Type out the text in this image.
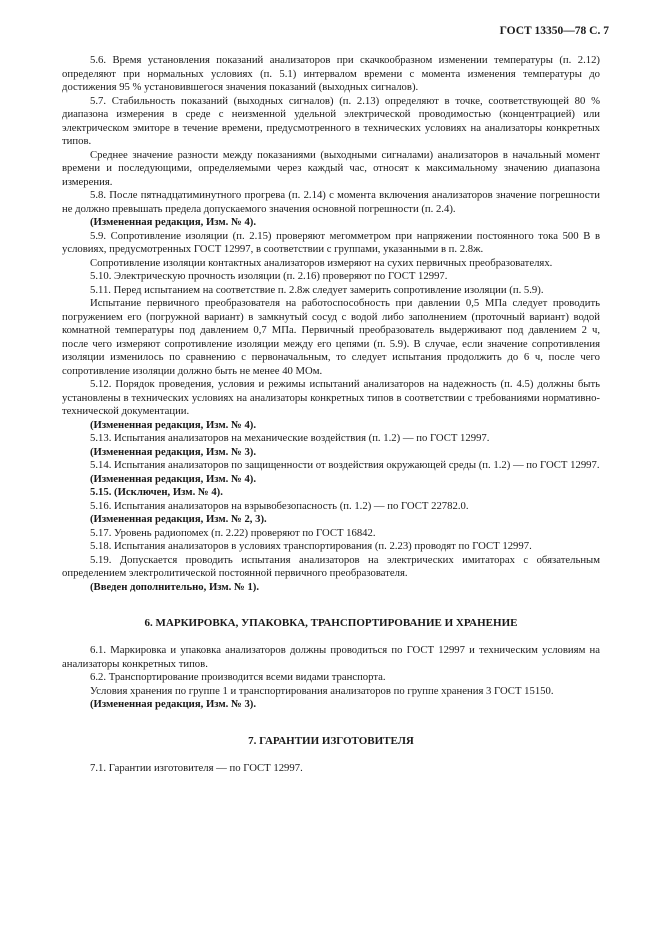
ГОСТ 13350—78 С. 7

5.6. Время установления показаний анализаторов при скачкообразном изменении температуры (п. 2.12) определяют при нормальных условиях (п. 5.1) интервалом времени с момента изменения температуры до достижения 95 % установившегося значения показаний (выходных сигналов).

5.7. Стабильность показаний (выходных сигналов) (п. 2.13) определяют в точке, соответствующей 80 % диапазона измерения в среде с неизменной удельной электрической проводимостью (концентрацией) или электрическом эмиторе в течение времени, предусмотренного в технических условиях на анализаторы конкретных типов.

Среднее значение разности между показаниями (выходными сигналами) анализаторов в начальный момент времени и последующими, определяемыми через каждый час, относят к максимальному значению диапазона измерения.

5.8. После пятнадцатиминутного прогрева (п. 2.14) с момента включения анализаторов значение погрешности не должно превышать предела допускаемого значения основной погрешности (п. 2.4).

(Измененная редакция, Изм. № 4).

5.9. Сопротивление изоляции (п. 2.15) проверяют мегомметром при напряжении постоянного тока 500 В в условиях, предусмотренных ГОСТ 12997, в соответствии с группами, указанными в п. 2.8ж.

Сопротивление изоляции контактных анализаторов измеряют на сухих первичных преобразователях.

5.10. Электрическую прочность изоляции (п. 2.16) проверяют по ГОСТ 12997.

5.11. Перед испытанием на соответствие п. 2.8ж следует замерить сопротивление изоляции (п. 5.9).

Испытание первичного преобразователя на работоспособность при давлении 0,5 МПа следует проводить погружением его (погружной вариант) в замкнутый сосуд с водой либо заполнением (проточный вариант) водой комнатной температуры под давлением 0,7 МПа. Первичный преобразователь выдерживают под давлением 2 ч, после чего измеряют сопротивление изоляции между его цепями (п. 5.9). В случае, если значение сопротивления изоляции изменилось по сравнению с первоначальным, то следует испытания продолжить до 6 ч, после чего сопротивление изоляции должно быть не менее 40 МОм.

5.12. Порядок проведения, условия и режимы испытаний анализаторов на надежность (п. 4.5) должны быть установлены в технических условиях на анализаторы конкретных типов в соответствии с требованиями нормативно-технической документации.

(Измененная редакция, Изм. № 4).

5.13. Испытания анализаторов на механические воздействия (п. 1.2) — по ГОСТ 12997.

(Измененная редакция, Изм. № 3).

5.14. Испытания анализаторов по защищенности от воздействия окружающей среды (п. 1.2) — по ГОСТ 12997.

(Измененная редакция, Изм. № 4).

5.15. (Исключен, Изм. № 4).

5.16. Испытания анализаторов на взрывобезопасность (п. 1.2) — по ГОСТ 22782.0.

(Измененная редакция, Изм. № 2, 3).

5.17. Уровень радиопомех (п. 2.22) проверяют по ГОСТ 16842.

5.18. Испытания анализаторов в условиях транспортирования (п. 2.23) проводят по ГОСТ 12997.

5.19. Допускается проводить испытания анализаторов на электрических имитаторах с обязательным определением электролитической постоянной первичного преобразователя.

(Введен дополнительно, Изм. № 1).

6. МАРКИРОВКА, УПАКОВКА, ТРАНСПОРТИРОВАНИЕ И ХРАНЕНИЕ

6.1. Маркировка и упаковка анализаторов должны проводиться по ГОСТ 12997 и техническим условиям на анализаторы конкретных типов.

6.2. Транспортирование производится всеми видами транспорта.

Условия хранения по группе 1 и транспортирования анализаторов по группе хранения 3 ГОСТ 15150.

(Измененная редакция, Изм. № 3).

7. ГАРАНТИИ ИЗГОТОВИТЕЛЯ

7.1. Гарантии изготовителя — по ГОСТ 12997.
